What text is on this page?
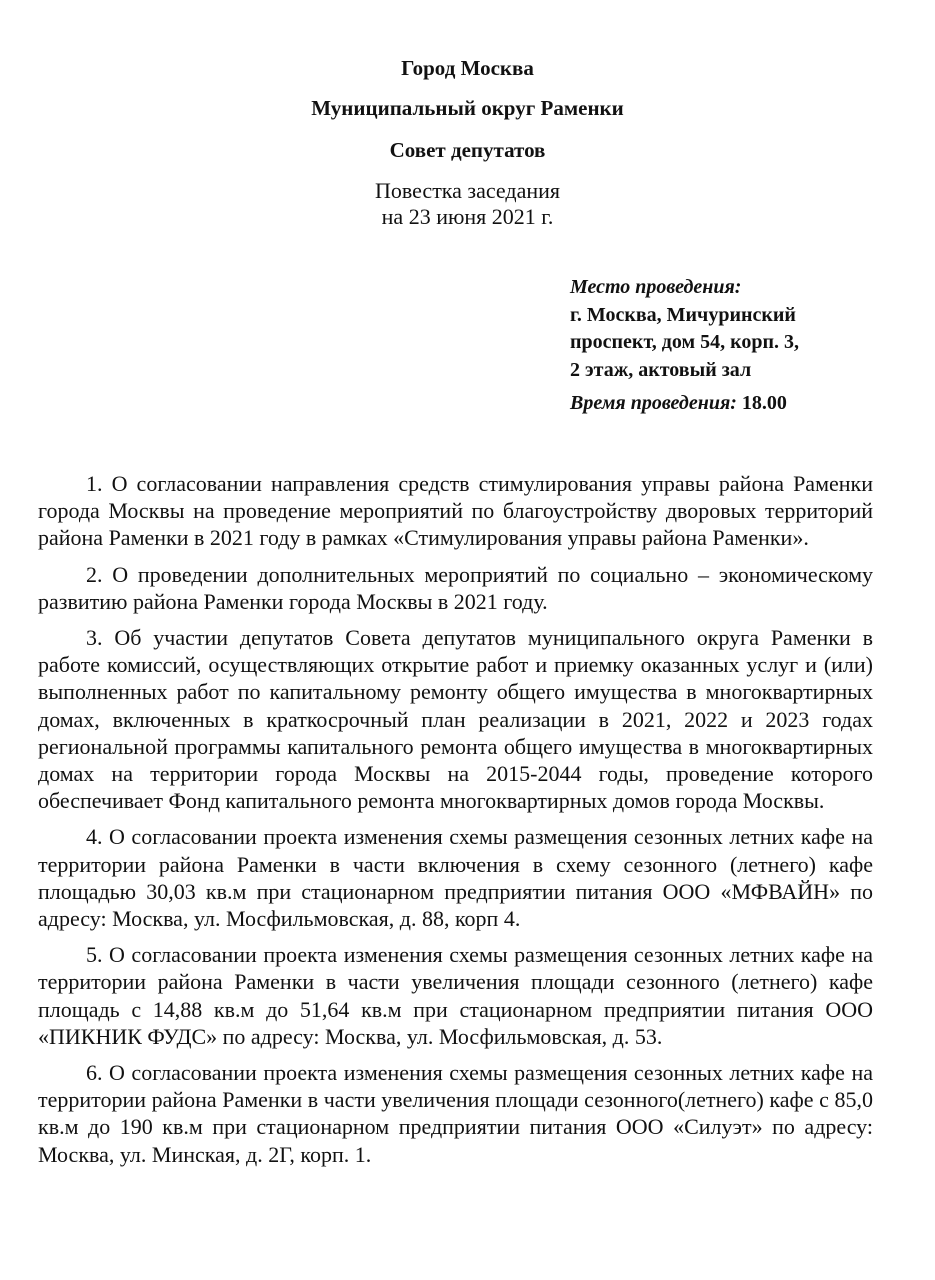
Город Москва
Муниципальный округ Раменки
Совет депутатов
Повестка заседания
на 23 июня 2021 г.
Место проведения:
г. Москва, Мичуринский
проспект, дом 54, корп. 3,
2 этаж, актовый зал
Время проведения: 18.00

1. О согласовании направления средств стимулирования управы района Раменки города Москвы на проведение мероприятий по благоустройству дворовых территорий района Раменки в 2021 году в рамках «Стимулирования управы района Раменки».

2. О проведении дополнительных мероприятий по социально – экономическому развитию района Раменки города Москвы в 2021 году.

3. Об участии депутатов Совета депутатов муниципального округа Раменки в работе комиссий, осуществляющих открытие работ и приемку оказанных услуг и (или) выполненных работ по капитальному ремонту общего имущества в многоквартирных домах, включенных в краткосрочный план реализации в 2021, 2022 и 2023 годах региональной программы капитального ремонта общего имущества в многоквартирных домах на территории города Москвы на 2015-2044 годы, проведение которого обеспечивает Фонд капитального ремонта многоквартирных домов города Москвы.

4. О согласовании проекта изменения схемы размещения сезонных летних кафе на территории района Раменки в части включения в схему сезонного (летнего) кафе площадью 30,03 кв.м при стационарном предприятии питания ООО «МФВАЙН» по адресу: Москва, ул. Мосфильмовская, д. 88, корп 4.

5. О согласовании проекта изменения схемы размещения сезонных летних кафе на территории района Раменки в части увеличения площади сезонного (летнего) кафе площадь с 14,88 кв.м до 51,64 кв.м при стационарном предприятии питания ООО «ПИКНИК ФУДС» по адресу: Москва, ул. Мосфильмовская, д. 53.

6. О согласовании проекта изменения схемы размещения сезонных летних кафе на территории района Раменки в части увеличения площади сезонного(летнего) кафе с 85,0 кв.м до 190 кв.м при стационарном предприятии питания ООО «Силуэт» по адресу: Москва, ул. Минская, д. 2Г, корп. 1.
